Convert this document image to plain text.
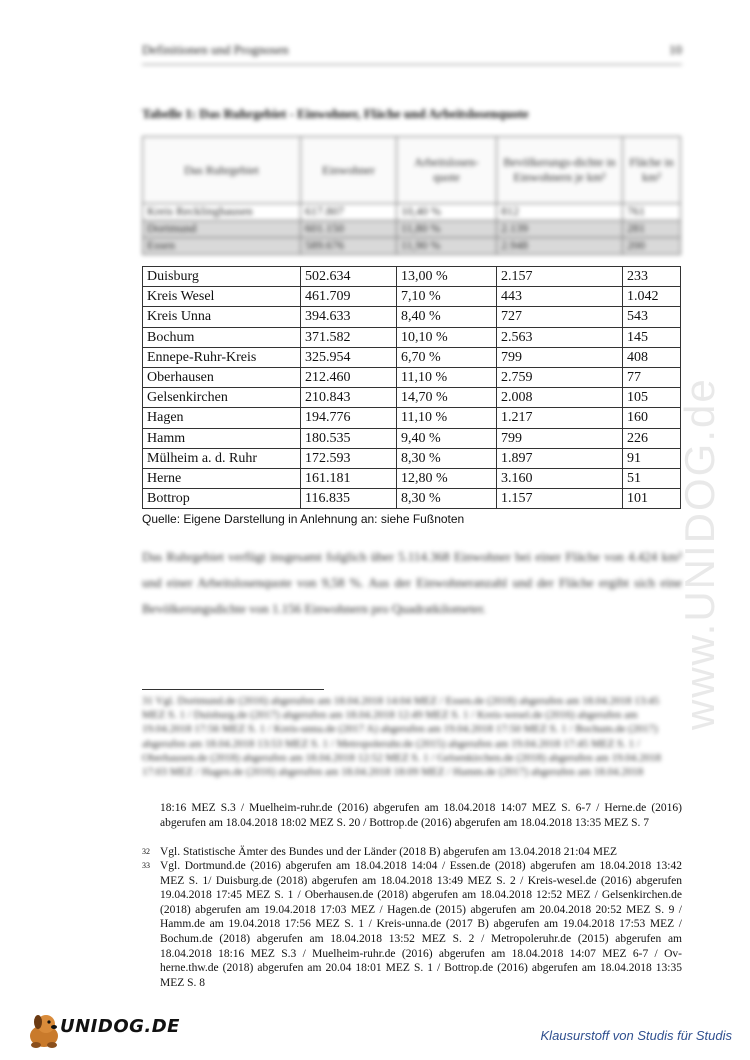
Definitionen und Prognosen	10
Tabelle 1: Das Ruhrgebiet - Einwohner, Fläche und Arbeitslosenquote
Das Ruhrgebiet	Einwohner	Arbeitslosen-quote	Bevölkerungs-dichte in Einwohnern je km²	Fläche in km²
Kreis Recklinghausen	617.807	10,40 %	812	761
Dortmund	601.150	11,80 %	2.139	281
Essen	589.676	11,90 %	2.948	200
Duisburg	502.634	13,00 %	2.157	233
Kreis Wesel	461.709	7,10 %	443	1.042
Kreis Unna	394.633	8,40 %	727	543
Bochum	371.582	10,10 %	2.563	145
Ennepe-Ruhr-Kreis	325.954	6,70 %	799	408
Oberhausen	212.460	11,10 %	2.759	77
Gelsenkirchen	210.843	14,70 %	2.008	105
Hagen	194.776	11,10 %	1.217	160
Hamm	180.535	9,40 %	799	226
Mülheim a. d. Ruhr	172.593	8,30 %	1.897	91
Herne	161.181	12,80 %	3.160	51
Bottrop	116.835	8,30 %	1.157	101
Quelle: Eigene Darstellung in Anlehnung an: siehe Fußnoten
Das Ruhrgebiet verfügt insgesamt folglich über 5.114.368 Einwohner bei einer Fläche von 4.424 km² und einer Arbeitslosenquote von 9,58 %. Aus der Einwohneranzahl und der Fläche ergibt sich eine Bevölkerungsdichte von 1.156 Einwohnern pro Quadratkilometer.
31 Vgl. Dortmund.de (2016) abgerufen am 18.04.2018 14:04 MEZ / Essen.de (2018) abgerufen am 18.04.2018 13:45 MEZ S. 1 / Duisburg.de (2017) abgerufen am 18.04.2018 12:49 MEZ S. 1 / Kreis-wesel.de (2016) abgerufen am 19.04.2018 17:56 MEZ S. 1 / Kreis-unna.de (2017 A) abgerufen am 19.04.2018 17:50 MEZ S. 1 / Bochum.de (2017) abgerufen am 18.04.2018 13:53 MEZ S. 1 / Metropoleruhr.de (2015) abgerufen am 19.04.2018 17:45 MEZ S. 1 / Oberhausen.de (2018) abgerufen am 18.04.2018 12:52 MEZ S. 1 / Gelsenkirchen.de (2018) abgerufen am 19.04.2018 17:03 MEZ / Hagen.de (2016) abgerufen am 18.04.2018 18:09 MEZ / Hamm.de (2017) abgerufen am 18.04.2018
18:16 MEZ S.3 / Muelheim-ruhr.de (2016) abgerufen am 18.04.2018 14:07 MEZ S. 6-7 / Herne.de (2016) abgerufen am 18.04.2018 18:02 MEZ S. 20 / Bottrop.de (2016) abgerufen am 18.04.2018 13:35 MEZ S. 7
32 Vgl. Statistische Ämter des Bundes und der Länder (2018 B) abgerufen am 13.04.2018 21:04 MEZ
33 Vgl. Dortmund.de (2016) abgerufen am 18.04.2018 14:04 / Essen.de (2018) abgerufen am 18.04.2018 13:42 MEZ S. 1/ Duisburg.de (2018) abgerufen am 18.04.2018 13:49 MEZ S. 2 / Kreis-wesel.de (2016) abgerufen 19.04.2018 17:45 MEZ S. 1 / Oberhausen.de (2018) abgerufen am 18.04.2018 12:52 MEZ / Gelsenkirchen.de (2018) abgerufen am 19.04.2018 17:03 MEZ / Hagen.de (2015) abgerufen am 20.04.2018 20:52 MEZ S. 9 / Hamm.de am 19.04.2018 17:56 MEZ S. 1 / Kreis-unna.de (2017 B) abgerufen am 19.04.2018 17:53 MEZ / Bochum.de (2018) abgerufen am 18.04.2018 13:52 MEZ S. 2 / Metropoleruhr.de (2015) abgerufen am 18.04.2018 18:16 MEZ S.3 / Muelheim-ruhr.de (2016) abgerufen am 18.04.2018 14:07 MEZ 6-7 / Ov-herne.thw.de (2018) abgerufen am 20.04 18:01 MEZ S. 1 / Bottrop.de (2016) abgerufen am 18.04.2018 13:35 MEZ S. 8
www.UNIDOG.de
UNIDOG.DE	Klausurstoff von Studis für Studis
